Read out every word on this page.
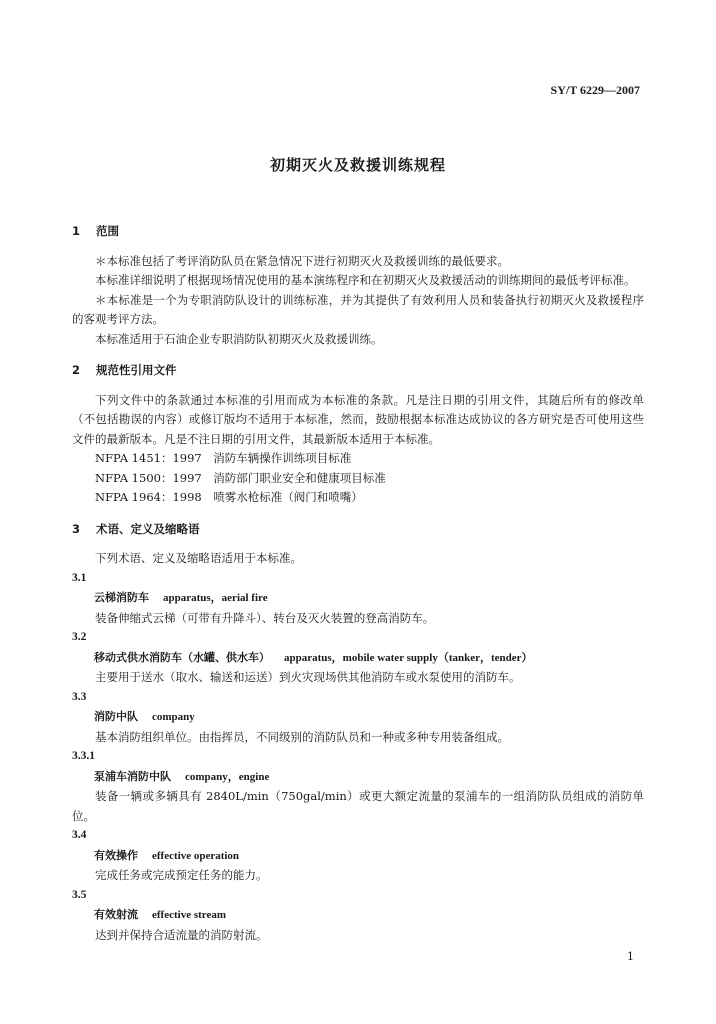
SY/T 6229—2007
初期灭火及救援训练规程

1 范围

＊本标准包括了考评消防队员在紧急情况下进行初期灭火及救援训练的最低要求。

本标准详细说明了根据现场情况使用的基本演练程序和在初期灭火及救援活动的训练期间的最低考评标准。

＊本标准是一个为专职消防队设计的训练标准，并为其提供了有效利用人员和装备执行初期灭火及救援程序的客观考评方法。

本标准适用于石油企业专职消防队初期灭火及救援训练。

2 规范性引用文件

下列文件中的条款通过本标准的引用而成为本标准的条款。凡是注日期的引用文件，其随后所有的修改单（不包括勘误的内容）或修订版均不适用于本标准，然而，鼓励根据本标准达成协议的各方研究是否可使用这些文件的最新版本。凡是不注日期的引用文件，其最新版本适用于本标准。

NFPA 1451：1997　消防车辆操作训练项目标准

NFPA 1500：1997　消防部门职业安全和健康项目标准

NFPA 1964：1998　喷雾水枪标准（阀门和喷嘴）

3 术语、定义及缩略语

下列术语、定义及缩略语适用于本标准。

3.1

云梯消防车 apparatus，aerial fire

装备伸缩式云梯（可带有升降斗）、转台及灭火装置的登高消防车。

3.2

移动式供水消防车（水罐、供水车） apparatus，mobile water supply（tanker，tender）

主要用于送水（取水、输送和运送）到火灾现场供其他消防车或水泵使用的消防车。

3.3

消防中队 company

基本消防组织单位。由指挥员，不同级别的消防队员和一种或多种专用装备组成。

3.3.1

泵浦车消防中队 company，engine

装备一辆或多辆具有 2840L/min（750gal/min）或更大额定流量的泵浦车的一组消防队员组成的消防单位。

3.4

有效操作 effective operation

完成任务或完成预定任务的能力。

3.5

有效射流 effective stream

达到并保持合适流量的消防射流。

1
